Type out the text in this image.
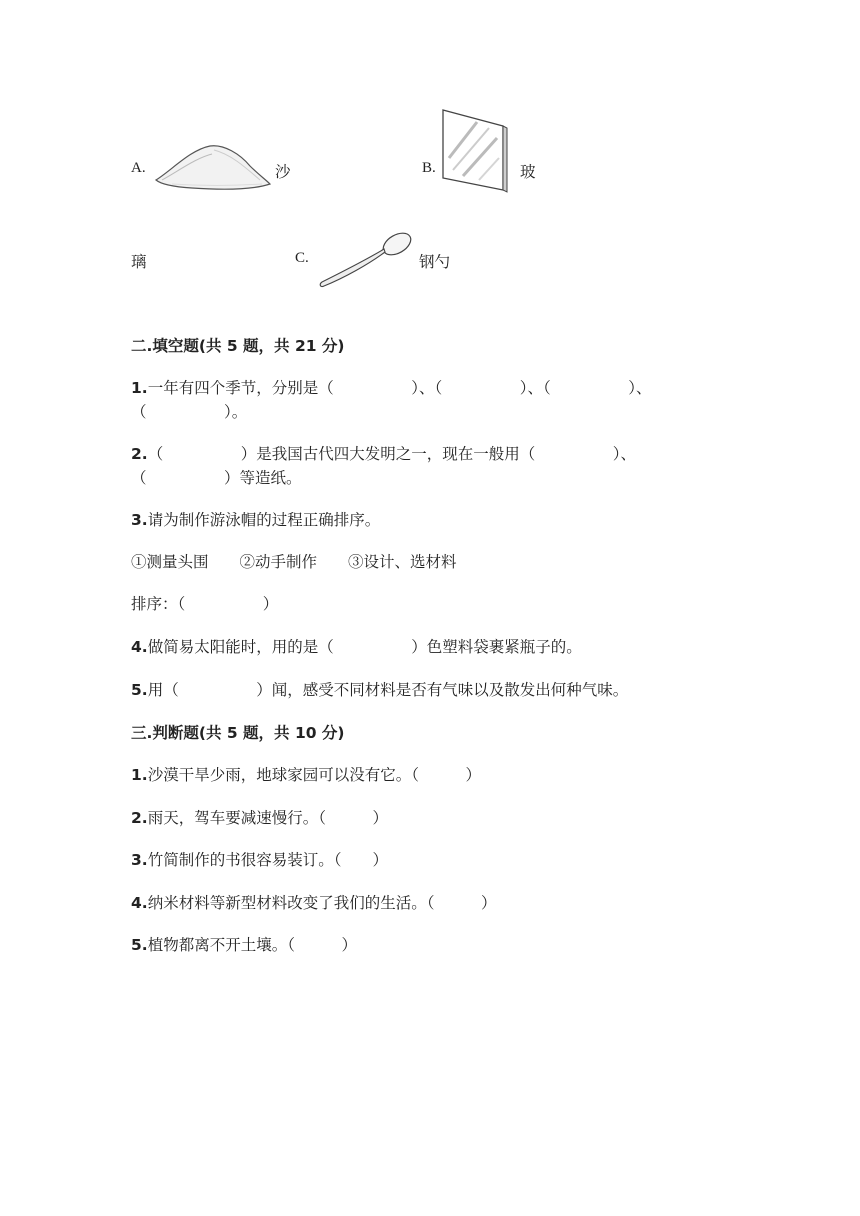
A.	沙	B.	玻
璃	C.	钢勺
二.填空题(共 5 题，共 21 分)
1.一年有四个季节，分别是（　　　　　）、（　　　　　）、（　　　　　）、
（　　　　　）。
2.（　　　　　）是我国古代四大发明之一，现在一般用（　　　　　）、
（　　　　　）等造纸。
3.请为制作游泳帽的过程正确排序。
①测量头围　　②动手制作　　③设计、选材料
排序：（　　　　　）
4.做简易太阳能时，用的是（　　　　　）色塑料袋裹紧瓶子的。
5.用（　　　　　）闻，感受不同材料是否有气味以及散发出何种气味。
三.判断题(共 5 题，共 10 分)
1.沙漠干旱少雨，地球家园可以没有它。（　　　）
2.雨天，驾车要减速慢行。（　　　）
3.竹简制作的书很容易装订。（　　）
4.纳米材料等新型材料改变了我们的生活。（　　　）
5.植物都离不开土壤。（　　　）
